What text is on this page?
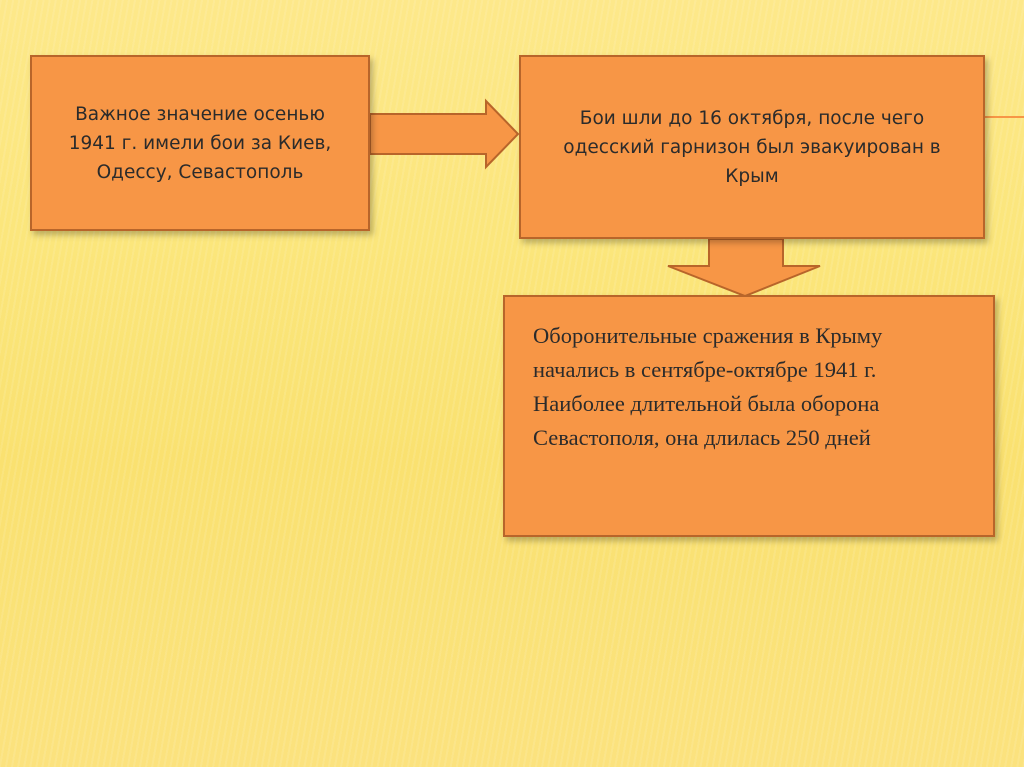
Важное значение осенью 1941 г. имели бои за Киев, Одессу, Севастополь
Бои шли до 16 октября, после чего одесский гарнизон был эвакуирован в Крым
Оборонительные сражения в Крыму начались в сентябре-октябре 1941 г. Наиболее длительной была оборона Севастополя, она длилась 250 дней
